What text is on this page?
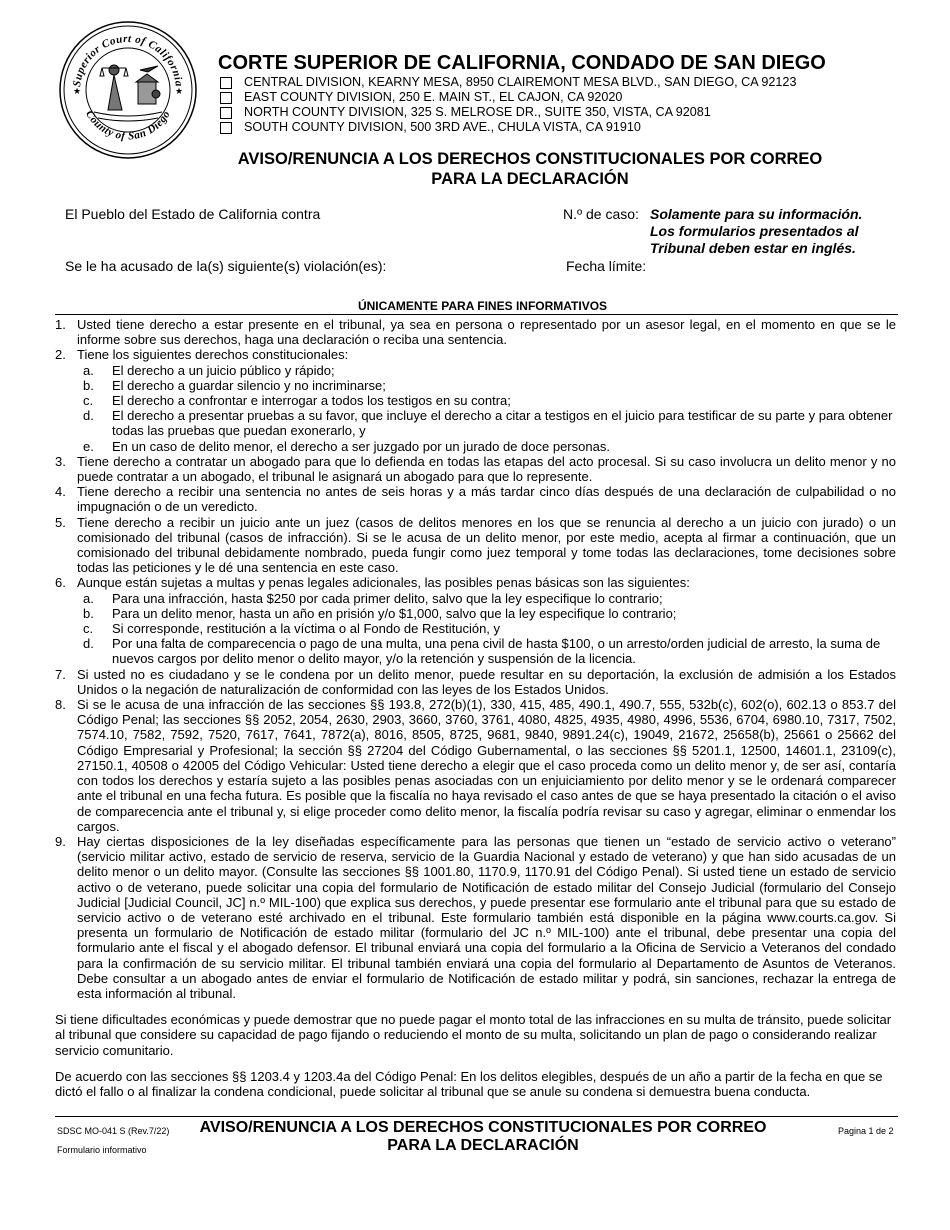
Superior Court of California
County of San Diego
★	★
CORTE SUPERIOR DE CALIFORNIA, CONDADO DE SAN DIEGO
CENTRAL DIVISION, KEARNY MESA, 8950 CLAIREMONT MESA BLVD., SAN DIEGO, CA 92123
EAST COUNTY DIVISION, 250 E. MAIN ST., EL CAJON, CA 92020
NORTH COUNTY DIVISION, 325 S. MELROSE DR., SUITE 350, VISTA, CA 92081
SOUTH COUNTY DIVISION, 500 3RD AVE., CHULA VISTA, CA 91910
AVISO/RENUNCIA A LOS DERECHOS CONSTITUCIONALES POR CORREO
PARA LA DECLARACIÓN
El Pueblo del Estado de California contra	N.º de caso: Solamente para su información.
Los formularios presentados al
Tribunal deben estar en inglés.
Se le ha acusado de la(s) siguiente(s) violación(es):	Fecha límite:
ÚNICAMENTE PARA FINES INFORMATIVOS
1. Usted tiene derecho a estar presente en el tribunal, ya sea en persona o representado por un asesor legal, en el momento en que se le informe sobre sus derechos, haga una declaración o reciba una sentencia.
2. Tiene los siguientes derechos constitucionales:
a.	El derecho a un juicio público y rápido;
b.	El derecho a guardar silencio y no incriminarse;
c.	El derecho a confrontar e interrogar a todos los testigos en su contra;
d.	El derecho a presentar pruebas a su favor, que incluye el derecho a citar a testigos en el juicio para testificar de su parte y para obtener todas las pruebas que puedan exonerarlo, y
e.	En un caso de delito menor, el derecho a ser juzgado por un jurado de doce personas.
3. Tiene derecho a contratar un abogado para que lo defienda en todas las etapas del acto procesal. Si su caso involucra un delito menor y no puede contratar a un abogado, el tribunal le asignará un abogado para que lo represente.
4. Tiene derecho a recibir una sentencia no antes de seis horas y a más tardar cinco días después de una declaración de culpabilidad o no impugnación o de un veredicto.
5. Tiene derecho a recibir un juicio ante un juez (casos de delitos menores en los que se renuncia al derecho a un juicio con jurado) o un comisionado del tribunal (casos de infracción). Si se le acusa de un delito menor, por este medio, acepta al firmar a continuación, que un comisionado del tribunal debidamente nombrado, pueda fungir como juez temporal y tome todas las declaraciones, tome decisiones sobre todas las peticiones y le dé una sentencia en este caso.
6. Aunque están sujetas a multas y penas legales adicionales, las posibles penas básicas son las siguientes:
a.	Para una infracción, hasta $250 por cada primer delito, salvo que la ley especifique lo contrario;
b.	Para un delito menor, hasta un año en prisión y/o $1,000, salvo que la ley especifique lo contrario;
c.	Si corresponde, restitución a la víctima o al Fondo de Restitución, y
d.	Por una falta de comparecencia o pago de una multa, una pena civil de hasta $100, o un arresto/orden judicial de arresto, la suma de nuevos cargos por delito menor o delito mayor, y/o la retención y suspensión de la licencia.
7. Si usted no es ciudadano y se le condena por un delito menor, puede resultar en su deportación, la exclusión de admisión a los Estados Unidos o la negación de naturalización de conformidad con las leyes de los Estados Unidos.
8. Si se le acusa de una infracción de las secciones §§ 193.8, 272(b)(1), 330, 415, 485, 490.1, 490.7, 555, 532b(c), 602(o), 602.13 o 853.7 del Código Penal; las secciones §§ 2052, 2054, 2630, 2903, 3660, 3760, 3761, 4080, 4825, 4935, 4980, 4996, 5536, 6704, 6980.10, 7317, 7502, 7574.10, 7582, 7592, 7520, 7617, 7641, 7872(a), 8016, 8505, 8725, 9681, 9840, 9891.24(c), 19049, 21672, 25658(b), 25661 o 25662 del Código Empresarial y Profesional; la sección §§ 27204 del Código Gubernamental, o las secciones §§ 5201.1, 12500, 14601.1, 23109(c), 27150.1, 40508 o 42005 del Código Vehicular: Usted tiene derecho a elegir que el caso proceda como un delito menor y, de ser así, contaría con todos los derechos y estaría sujeto a las posibles penas asociadas con un enjuiciamiento por delito menor y se le ordenará comparecer ante el tribunal en una fecha futura. Es posible que la fiscalía no haya revisado el caso antes de que se haya presentado la citación o el aviso de comparecencia ante el tribunal y, si elige proceder como delito menor, la fiscalía podría revisar su caso y agregar, eliminar o enmendar los cargos.
9. Hay ciertas disposiciones de la ley diseñadas específicamente para las personas que tienen un “estado de servicio activo o veterano” (servicio militar activo, estado de servicio de reserva, servicio de la Guardia Nacional y estado de veterano) y que han sido acusadas de un delito menor o un delito mayor. (Consulte las secciones §§ 1001.80, 1170.9, 1170.91 del Código Penal). Si usted tiene un estado de servicio activo o de veterano, puede solicitar una copia del formulario de Notificación de estado militar del Consejo Judicial (formulario del Consejo Judicial [Judicial Council, JC] n.º MIL-100) que explica sus derechos, y puede presentar ese formulario ante el tribunal para que su estado de servicio activo o de veterano esté archivado en el tribunal. Este formulario también está disponible en la página www.courts.ca.gov. Si presenta un formulario de Notificación de estado militar (formulario del JC n.º MIL-100) ante el tribunal, debe presentar una copia del formulario ante el fiscal y el abogado defensor. El tribunal enviará una copia del formulario a la Oficina de Servicio a Veteranos del condado para la confirmación de su servicio militar. El tribunal también enviará una copia del formulario al Departamento de Asuntos de Veteranos. Debe consultar a un abogado antes de enviar el formulario de Notificación de estado militar y podrá, sin sanciones, rechazar la entrega de esta información al tribunal.
Si tiene dificultades económicas y puede demostrar que no puede pagar el monto total de las infracciones en su multa de tránsito, puede solicitar al tribunal que considere su capacidad de pago fijando o reduciendo el monto de su multa, solicitando un plan de pago o considerando realizar servicio comunitario.
De acuerdo con las secciones §§ 1203.4 y 1203.4a del Código Penal: En los delitos elegibles, después de un año a partir de la fecha en que se dictó el fallo o al finalizar la condena condicional, puede solicitar al tribunal que se anule su condena si demuestra buena conducta.
SDSC MO-041 S (Rev.7/22)
Formulario informativo
AVISO/RENUNCIA A LOS DERECHOS CONSTITUCIONALES POR CORREO
PARA LA DECLARACIÓN
Pagina 1 de 2
